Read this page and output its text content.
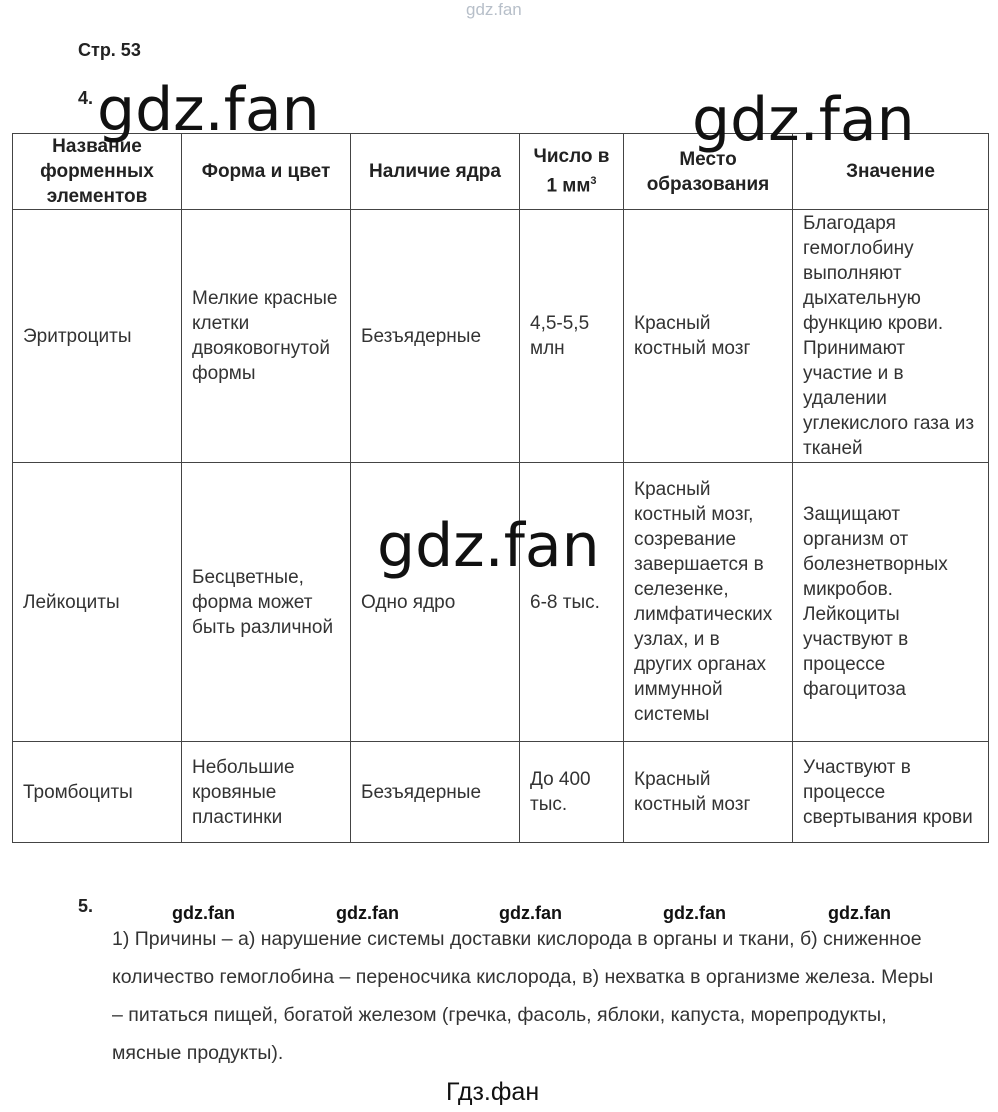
gdz.fan
Стр. 53
4.
Название форменных элементов	Форма и цвет	Наличие ядра	Число в 1 $мм^3$	Место образования	Значение
Эритроциты	Мелкие красные клетки двояковогнутой формы	Безъядерные	4,5-5,5 млн	Красный костный мозг	Благодаря гемоглобину выполняют дыхательную функцию крови. Принимают участие и в удалении углекислого газа из тканей
Лейкоциты	Бесцветные, форма может быть различной	Одно ядро	6-8 тыс.	Красный костный мозг, созревание завершается в селезенке, лимфатических узлах, и в других органах иммунной системы	Защищают организм от болезнетворных микробов. Лейкоциты участвуют в процессе фагоцитоза
Тромбоциты	Небольшие кровяные пластинки	Безъядерные	До 400 тыс.	Красный костный мозг	Участвуют в процессе свертывания крови
gdz.fan	gdz.fan
gdz.fan
5.	gdz.fan	gdz.fan	gdz.fan	gdz.fan	gdz.fan
1) Причины – а) нарушение системы доставки кислорода в органы и ткани, б) сниженное количество гемоглобина – переносчика кислорода, в) нехватка в организме железа. Меры – питаться пищей, богатой железом (гречка, фасоль, яблоки, капуста, морепродукты, мясные продукты).
Гдз.фан
